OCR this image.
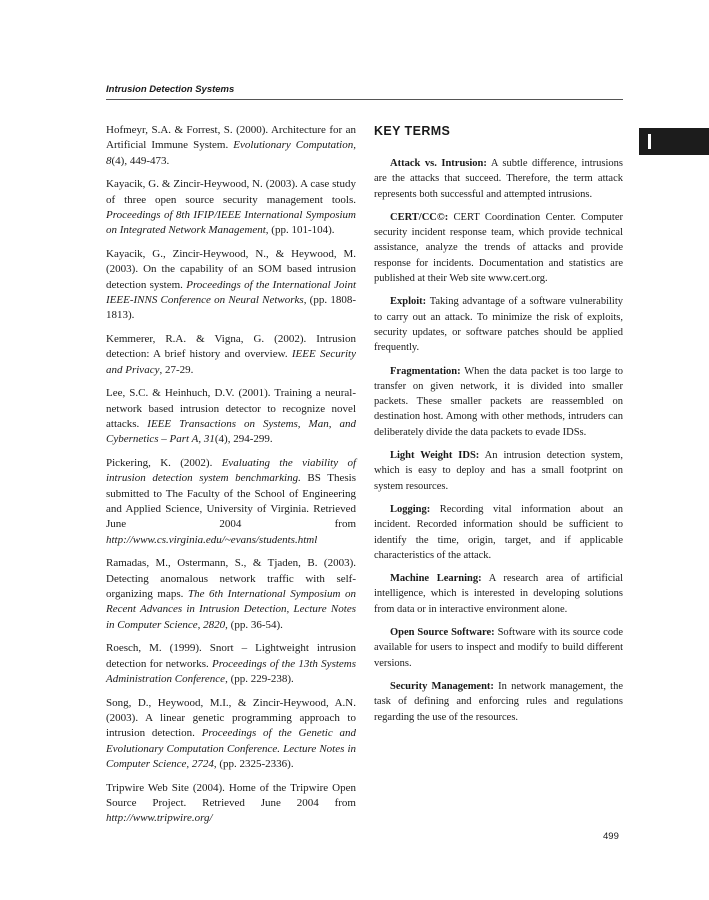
Intrusion Detection Systems

Hofmeyr, S.A. & Forrest, S. (2000). Architecture for an Artificial Immune System. Evolutionary Computation, 8(4), 449-473.

Kayacik, G. & Zincir-Heywood, N. (2003). A case study of three open source security management tools. Proceedings of 8th IFIP/IEEE International Symposium on Integrated Network Management, (pp. 101-104).

Kayacik, G., Zincir-Heywood, N., & Heywood, M. (2003). On the capability of an SOM based intrusion detection system. Proceedings of the International Joint IEEE-INNS Conference on Neural Networks, (pp. 1808-1813).

Kemmerer, R.A. & Vigna, G. (2002). Intrusion detection: A brief history and overview. IEEE Security and Privacy, 27-29.

Lee, S.C. & Heinhuch, D.V. (2001). Training a neural-network based intrusion detector to recognize novel attacks. IEEE Transactions on Systems, Man, and Cybernetics – Part A, 31(4), 294-299.

Pickering, K. (2002). Evaluating the viability of intrusion detection system benchmarking. BS Thesis submitted to The Faculty of the School of Engineering and Applied Science, University of Virginia. Retrieved June 2004 from http://www.cs.virginia.edu/~evans/students.html

Ramadas, M., Ostermann, S., & Tjaden, B. (2003). Detecting anomalous network traffic with self-organizing maps. The 6th International Symposium on Recent Advances in Intrusion Detection, Lecture Notes in Computer Science, 2820, (pp. 36-54).

Roesch, M. (1999). Snort – Lightweight intrusion detection for networks. Proceedings of the 13th Systems Administration Conference, (pp. 229-238).

Song, D., Heywood, M.I., & Zincir-Heywood, A.N. (2003). A linear genetic programming approach to intrusion detection. Proceedings of the Genetic and Evolutionary Computation Conference. Lecture Notes in Computer Science, 2724, (pp. 2325-2336).

Tripwire Web Site (2004). Home of the Tripwire Open Source Project. Retrieved June 2004 from http://www.tripwire.org/

KEY TERMS

Attack vs. Intrusion: A subtle difference, intrusions are the attacks that succeed. Therefore, the term attack represents both successful and attempted intrusions.

CERT/CC©: CERT Coordination Center. Computer security incident response team, which provide technical assistance, analyze the trends of attacks and provide response for incidents. Documentation and statistics are published at their Web site www.cert.org.

Exploit: Taking advantage of a software vulnerability to carry out an attack. To minimize the risk of exploits, security updates, or software patches should be applied frequently.

Fragmentation: When the data packet is too large to transfer on given network, it is divided into smaller packets. These smaller packets are reassembled on destination host. Among with other methods, intruders can deliberately divide the data packets to evade IDSs.

Light Weight IDS: An intrusion detection system, which is easy to deploy and has a small footprint on system resources.

Logging: Recording vital information about an incident. Recorded information should be sufficient to identify the time, origin, target, and if applicable characteristics of the attack.

Machine Learning: A research area of artificial intelligence, which is interested in developing solutions from data or in interactive environment alone.

Open Source Software: Software with its source code available for users to inspect and modify to build different versions.

Security Management: In network management, the task of defining and enforcing rules and regulations regarding the use of the resources.

499
